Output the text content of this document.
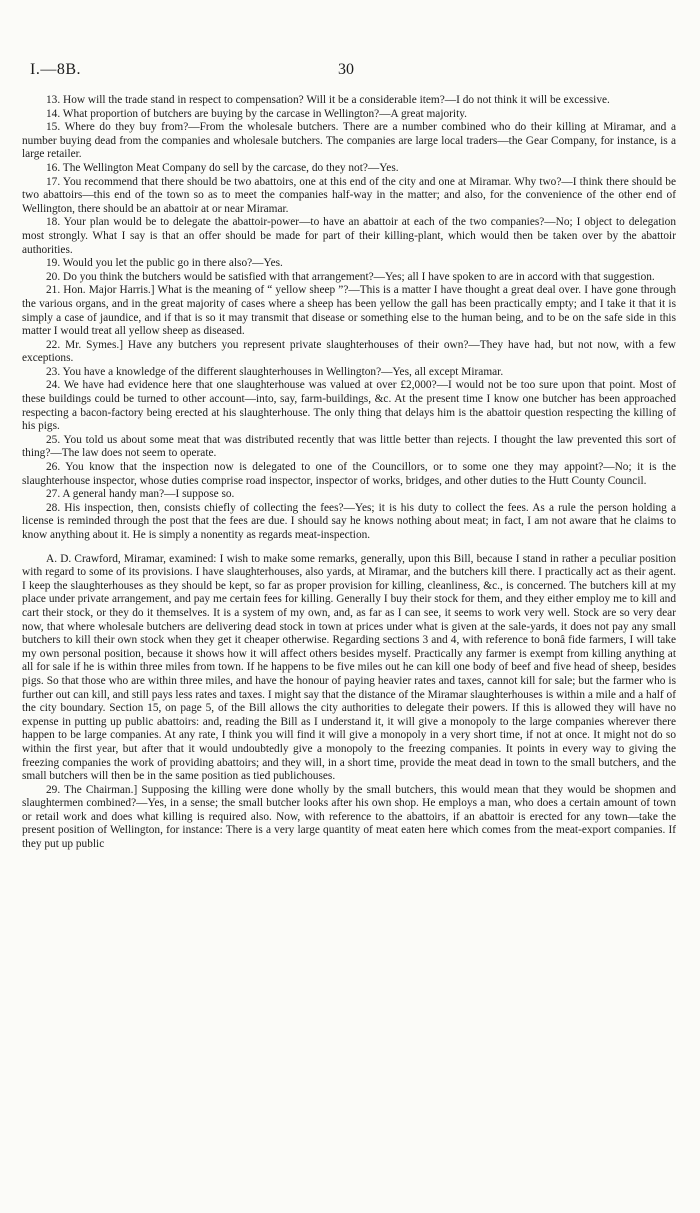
I.—8B.	30

13. How will the trade stand in respect to compensation? Will it be a considerable item?—I do not think it will be excessive.

14. What proportion of butchers are buying by the carcase in Wellington?—A great majority.

15. Where do they buy from?—From the wholesale butchers. There are a number combined who do their killing at Miramar, and a number buying dead from the companies and wholesale butchers. The companies are large local traders—the Gear Company, for instance, is a large retailer.

16. The Wellington Meat Company do sell by the carcase, do they not?—Yes.

17. You recommend that there should be two abattoirs, one at this end of the city and one at Miramar. Why two?—I think there should be two abattoirs—this end of the town so as to meet the companies half-way in the matter; and also, for the convenience of the other end of Wellington, there should be an abattoir at or near Miramar.

18. Your plan would be to delegate the abattoir-power—to have an abattoir at each of the two companies?—No; I object to delegation most strongly. What I say is that an offer should be made for part of their killing-plant, which would then be taken over by the abattoir authorities.

19. Would you let the public go in there also?—Yes.

20. Do you think the butchers would be satisfied with that arrangement?—Yes; all I have spoken to are in accord with that suggestion.

21. Hon. Major Harris.] What is the meaning of “ yellow sheep ”?—This is a matter I have thought a great deal over. I have gone through the various organs, and in the great majority of cases where a sheep has been yellow the gall has been practically empty; and I take it that it is simply a case of jaundice, and if that is so it may transmit that disease or something else to the human being, and to be on the safe side in this matter I would treat all yellow sheep as diseased.

22. Mr. Symes.] Have any butchers you represent private slaughterhouses of their own?—They have had, but not now, with a few exceptions.

23. You have a knowledge of the different slaughterhouses in Wellington?—Yes, all except Miramar.

24. We have had evidence here that one slaughterhouse was valued at over £2,000?—I would not be too sure upon that point. Most of these buildings could be turned to other account—into, say, farm-buildings, &c. At the present time I know one butcher has been approached respecting a bacon-factory being erected at his slaughterhouse. The only thing that delays him is the abattoir question respecting the killing of his pigs.

25. You told us about some meat that was distributed recently that was little better than rejects. I thought the law prevented this sort of thing?—The law does not seem to operate.

26. You know that the inspection now is delegated to one of the Councillors, or to some one they may appoint?—No; it is the slaughterhouse inspector, whose duties comprise road inspector, inspector of works, bridges, and other duties to the Hutt County Council.

27. A general handy man?—I suppose so.

28. His inspection, then, consists chiefly of collecting the fees?—Yes; it is his duty to collect the fees. As a rule the person holding a license is reminded through the post that the fees are due. I should say he knows nothing about meat; in fact, I am not aware that he claims to know anything about it. He is simply a nonentity as regards meat-inspection.

A. D. Crawford, Miramar, examined: I wish to make some remarks, generally, upon this Bill, because I stand in rather a peculiar position with regard to some of its provisions. I have slaughterhouses, also yards, at Miramar, and the butchers kill there. I practically act as their agent. I keep the slaughterhouses as they should be kept, so far as proper provision for killing, cleanliness, &c., is concerned. The butchers kill at my place under private arrangement, and pay me certain fees for killing. Generally I buy their stock for them, and they either employ me to kill and cart their stock, or they do it themselves. It is a system of my own, and, as far as I can see, it seems to work very well. Stock are so very dear now, that where wholesale butchers are delivering dead stock in town at prices under what is given at the sale-yards, it does not pay any small butchers to kill their own stock when they get it cheaper otherwise. Regarding sections 3 and 4, with reference to bonâ fide farmers, I will take my own personal position, because it shows how it will affect others besides myself. Practically any farmer is exempt from killing anything at all for sale if he is within three miles from town. If he happens to be five miles out he can kill one body of beef and five head of sheep, besides pigs. So that those who are within three miles, and have the honour of paying heavier rates and taxes, cannot kill for sale; but the farmer who is further out can kill, and still pays less rates and taxes. I might say that the distance of the Miramar slaughterhouses is within a mile and a half of the city boundary. Section 15, on page 5, of the Bill allows the city authorities to delegate their powers. If this is allowed they will have no expense in putting up public abattoirs: and, reading the Bill as I understand it, it will give a monopoly to the large companies wherever there happen to be large companies. At any rate, I think you will find it will give a monopoly in a very short time, if not at once. It might not do so within the first year, but after that it would undoubtedly give a monopoly to the freezing companies. It points in every way to giving the freezing companies the work of providing abattoirs; and they will, in a short time, provide the meat dead in town to the small butchers, and the small butchers will then be in the same position as tied publichouses.

29. The Chairman.] Supposing the killing were done wholly by the small butchers, this would mean that they would be shopmen and slaughtermen combined?—Yes, in a sense; the small butcher looks after his own shop. He employs a man, who does a certain amount of town or retail work and does what killing is required also. Now, with reference to the abattoirs, if an abattoir is erected for any town—take the present position of Wellington, for instance: There is a very large quantity of meat eaten here which comes from the meat-export companies. If they put up public
